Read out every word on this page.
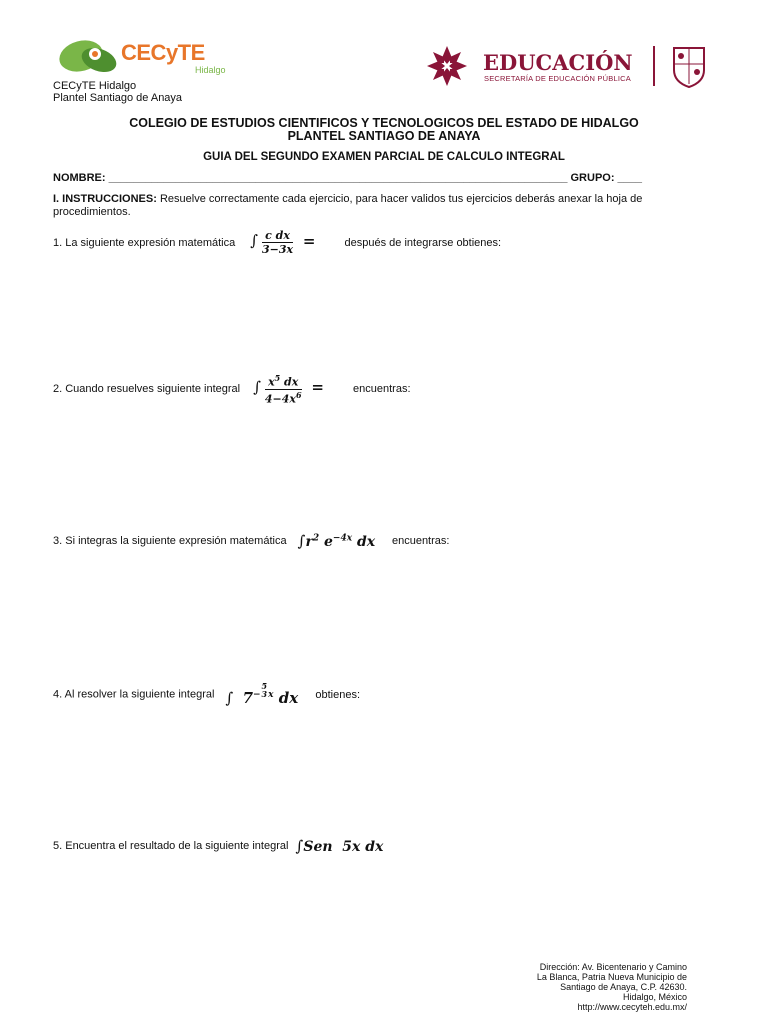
CECyTE
Hidalgo
CECyTE Hidalgo
Plantel Santiago de Anaya
EDUCACIÓN
SECRETARÍA DE EDUCACIÓN PÚBLICA
COLEGIO DE ESTUDIOS CIENTIFICOS Y TECNOLOGICOS DEL ESTADO DE HIDALGO
PLANTEL SANTIAGO DE ANAYA
GUIA DEL SEGUNDO EXAMEN PARCIAL DE CALCULO INTEGRAL
NOMBRE: ___________________________________________________________________________ GRUPO: ____
I. INSTRUCCIONES: Resuelve correctamente cada ejercicio, para hacer validos tus ejercicios deberás anexar la hoja de procedimientos.
1. La siguiente expresión matemática ∫ $\frac{\text{c dx}}{3-3x}$ =	después de integrarse obtienes:
2. Cuando resuelves siguiente integral ∫ $\frac{x^5 dx}{4-4x^6}$ =	encuentras:
3. Si integras la siguiente expresión matemática $\int r^2$ $e^{-4x}$ dx encuentras:
4. Al resolver la siguiente integral ∫ $7^{- 5 3 x}$ dx obtienes:
5. Encuentra el resultado de la siguiente integral ∫Sen  5x dx
Dirección: Av. Bicentenario y Camino
La Blanca, Patria Nueva Municipio de
Santiago de Anaya, C.P. 42630.
Hidalgo, México
http://www.cecyteh.edu.mx/
